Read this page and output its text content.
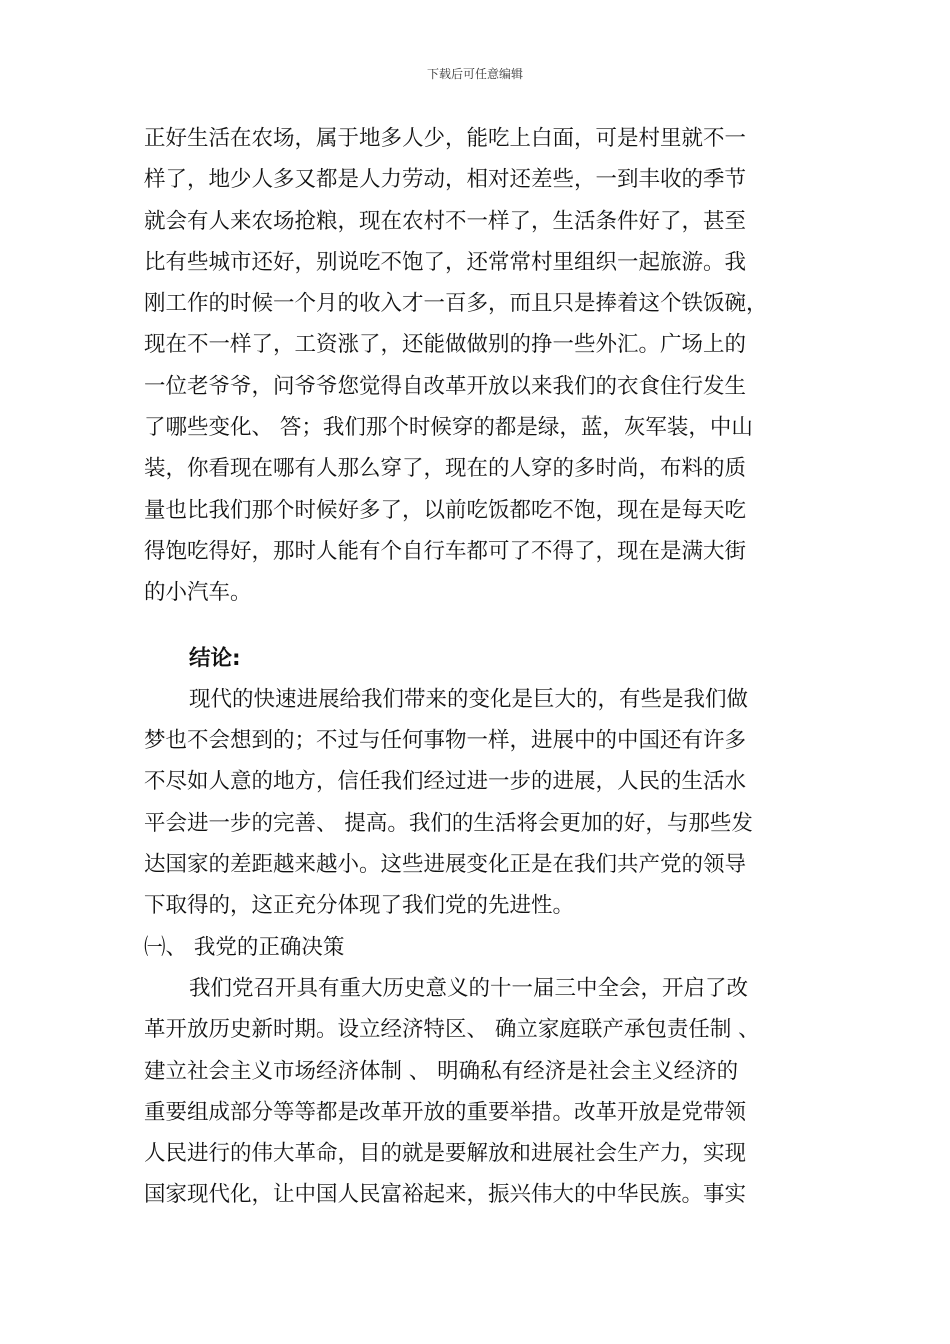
下载后可任意编辑
正好生活在农场，属于地多人少，能吃上白面，可是村里就不一
样了，地少人多又都是人力劳动，相对还差些，一到丰收的季节
就会有人来农场抢粮，现在农村不一样了，生活条件好了，甚至
比有些城市还好，别说吃不饱了，还常常村里组织一起旅游。我
刚工作的时候一个月的收入才一百多，而且只是捧着这个铁饭碗，
现在不一样了，工资涨了，还能做做别的挣一些外汇。广场上的
一位老爷爷，问爷爷您觉得自改革开放以来我们的衣食住行发生
了哪些变化、 答；我们那个时候穿的都是绿，蓝，灰军装，中山
装，你看现在哪有人那么穿了，现在的人穿的多时尚，布料的质
量也比我们那个时候好多了，以前吃饭都吃不饱，现在是每天吃
得饱吃得好，那时人能有个自行车都可了不得了，现在是满大街
的小汽车。
结论:
现代的快速进展给我们带来的变化是巨大的，有些是我们做
梦也不会想到的；不过与任何事物一样，进展中的中国还有许多
不尽如人意的地方，信任我们经过进一步的进展，人民的生活水
平会进一步的完善、 提高。我们的生活将会更加的好，与那些发
达国家的差距越来越小。这些进展变化正是在我们共产党的领导
下取得的，这正充分体现了我们党的先进性。
㈠、 我党的正确决策
我们党召开具有重大历史意义的十一届三中全会，开启了改
革开放历史新时期。设立经济特区、 确立家庭联产承包责任制 、
建立社会主义市场经济体制 、 明确私有经济是社会主义经济的
重要组成部分等等都是改革开放的重要举措。改革开放是党带领
人民进行的伟大革命，目的就是要解放和进展社会生产力，实现
国家现代化，让中国人民富裕起来，振兴伟大的中华民族。事实
